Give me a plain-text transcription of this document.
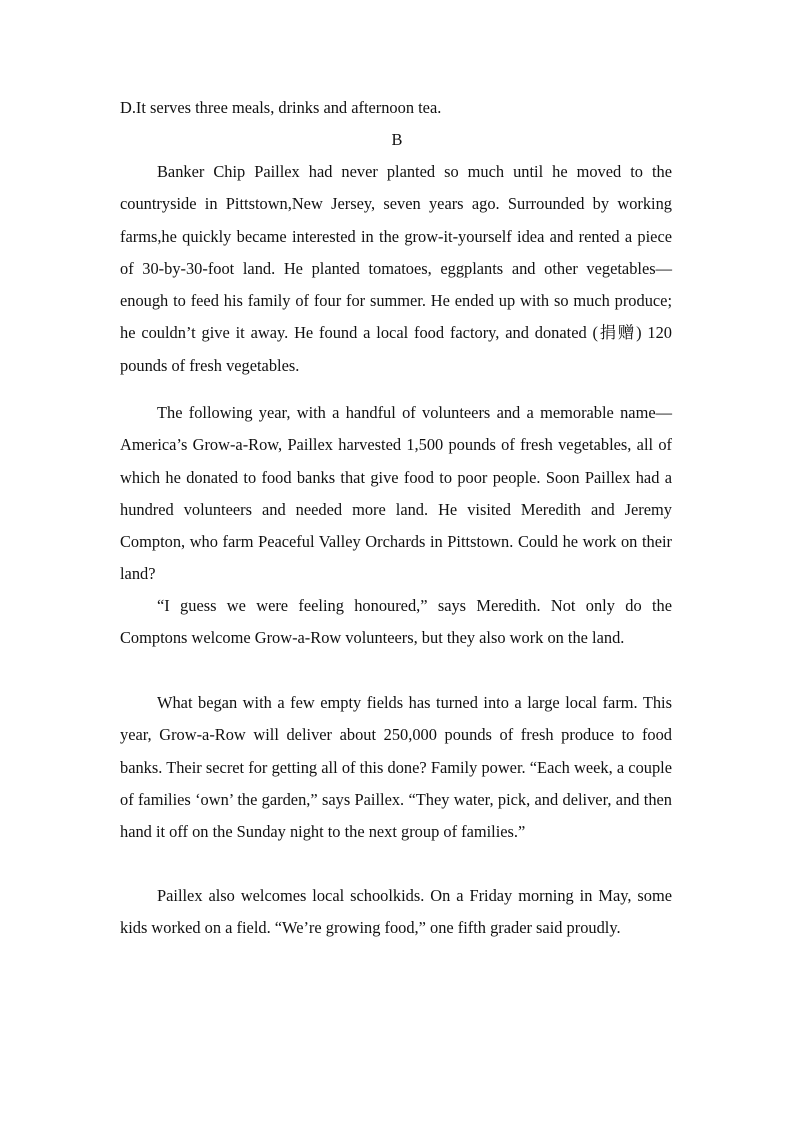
D.It serves three meals, drinks and afternoon tea.
B

Banker Chip Paillex had never planted so much until he moved to the countryside in Pittstown,New Jersey, seven years ago. Surrounded by working farms,he quickly became interested in the grow-it-yourself idea and rented a piece of 30-by-30-foot land. He planted tomatoes, eggplants and other vegetables—enough to feed his family of four for summer. He ended up with so much produce; he couldn’t give it away. He found a local food factory, and donated (捐赠) 120 pounds of fresh vegetables.

The following year, with a handful of volunteers and a memorable name—America’s Grow-a-Row, Paillex harvested 1,500 pounds of fresh vegetables, all of which he donated to food banks that give food to poor people. Soon Paillex had a hundred volunteers and needed more land. He visited Meredith and Jeremy Compton, who farm Peaceful Valley Orchards in Pittstown. Could he work on their land?

“I guess we were feeling honoured,” says Meredith. Not only do the Comptons welcome Grow-a-Row volunteers, but they also work on the land.

What began with a few empty fields has turned into a large local farm. This year, Grow-a-Row will deliver about 250,000 pounds of fresh produce to food banks. Their secret for getting all of this done? Family power. “Each week, a couple of families ‘own’ the garden,” says Paillex. “They water, pick, and deliver, and then hand it off on the Sunday night to the next group of families.”

Paillex also welcomes local schoolkids. On a Friday morning in May, some kids worked on a field. “We’re growing food,” one fifth grader said proudly.
